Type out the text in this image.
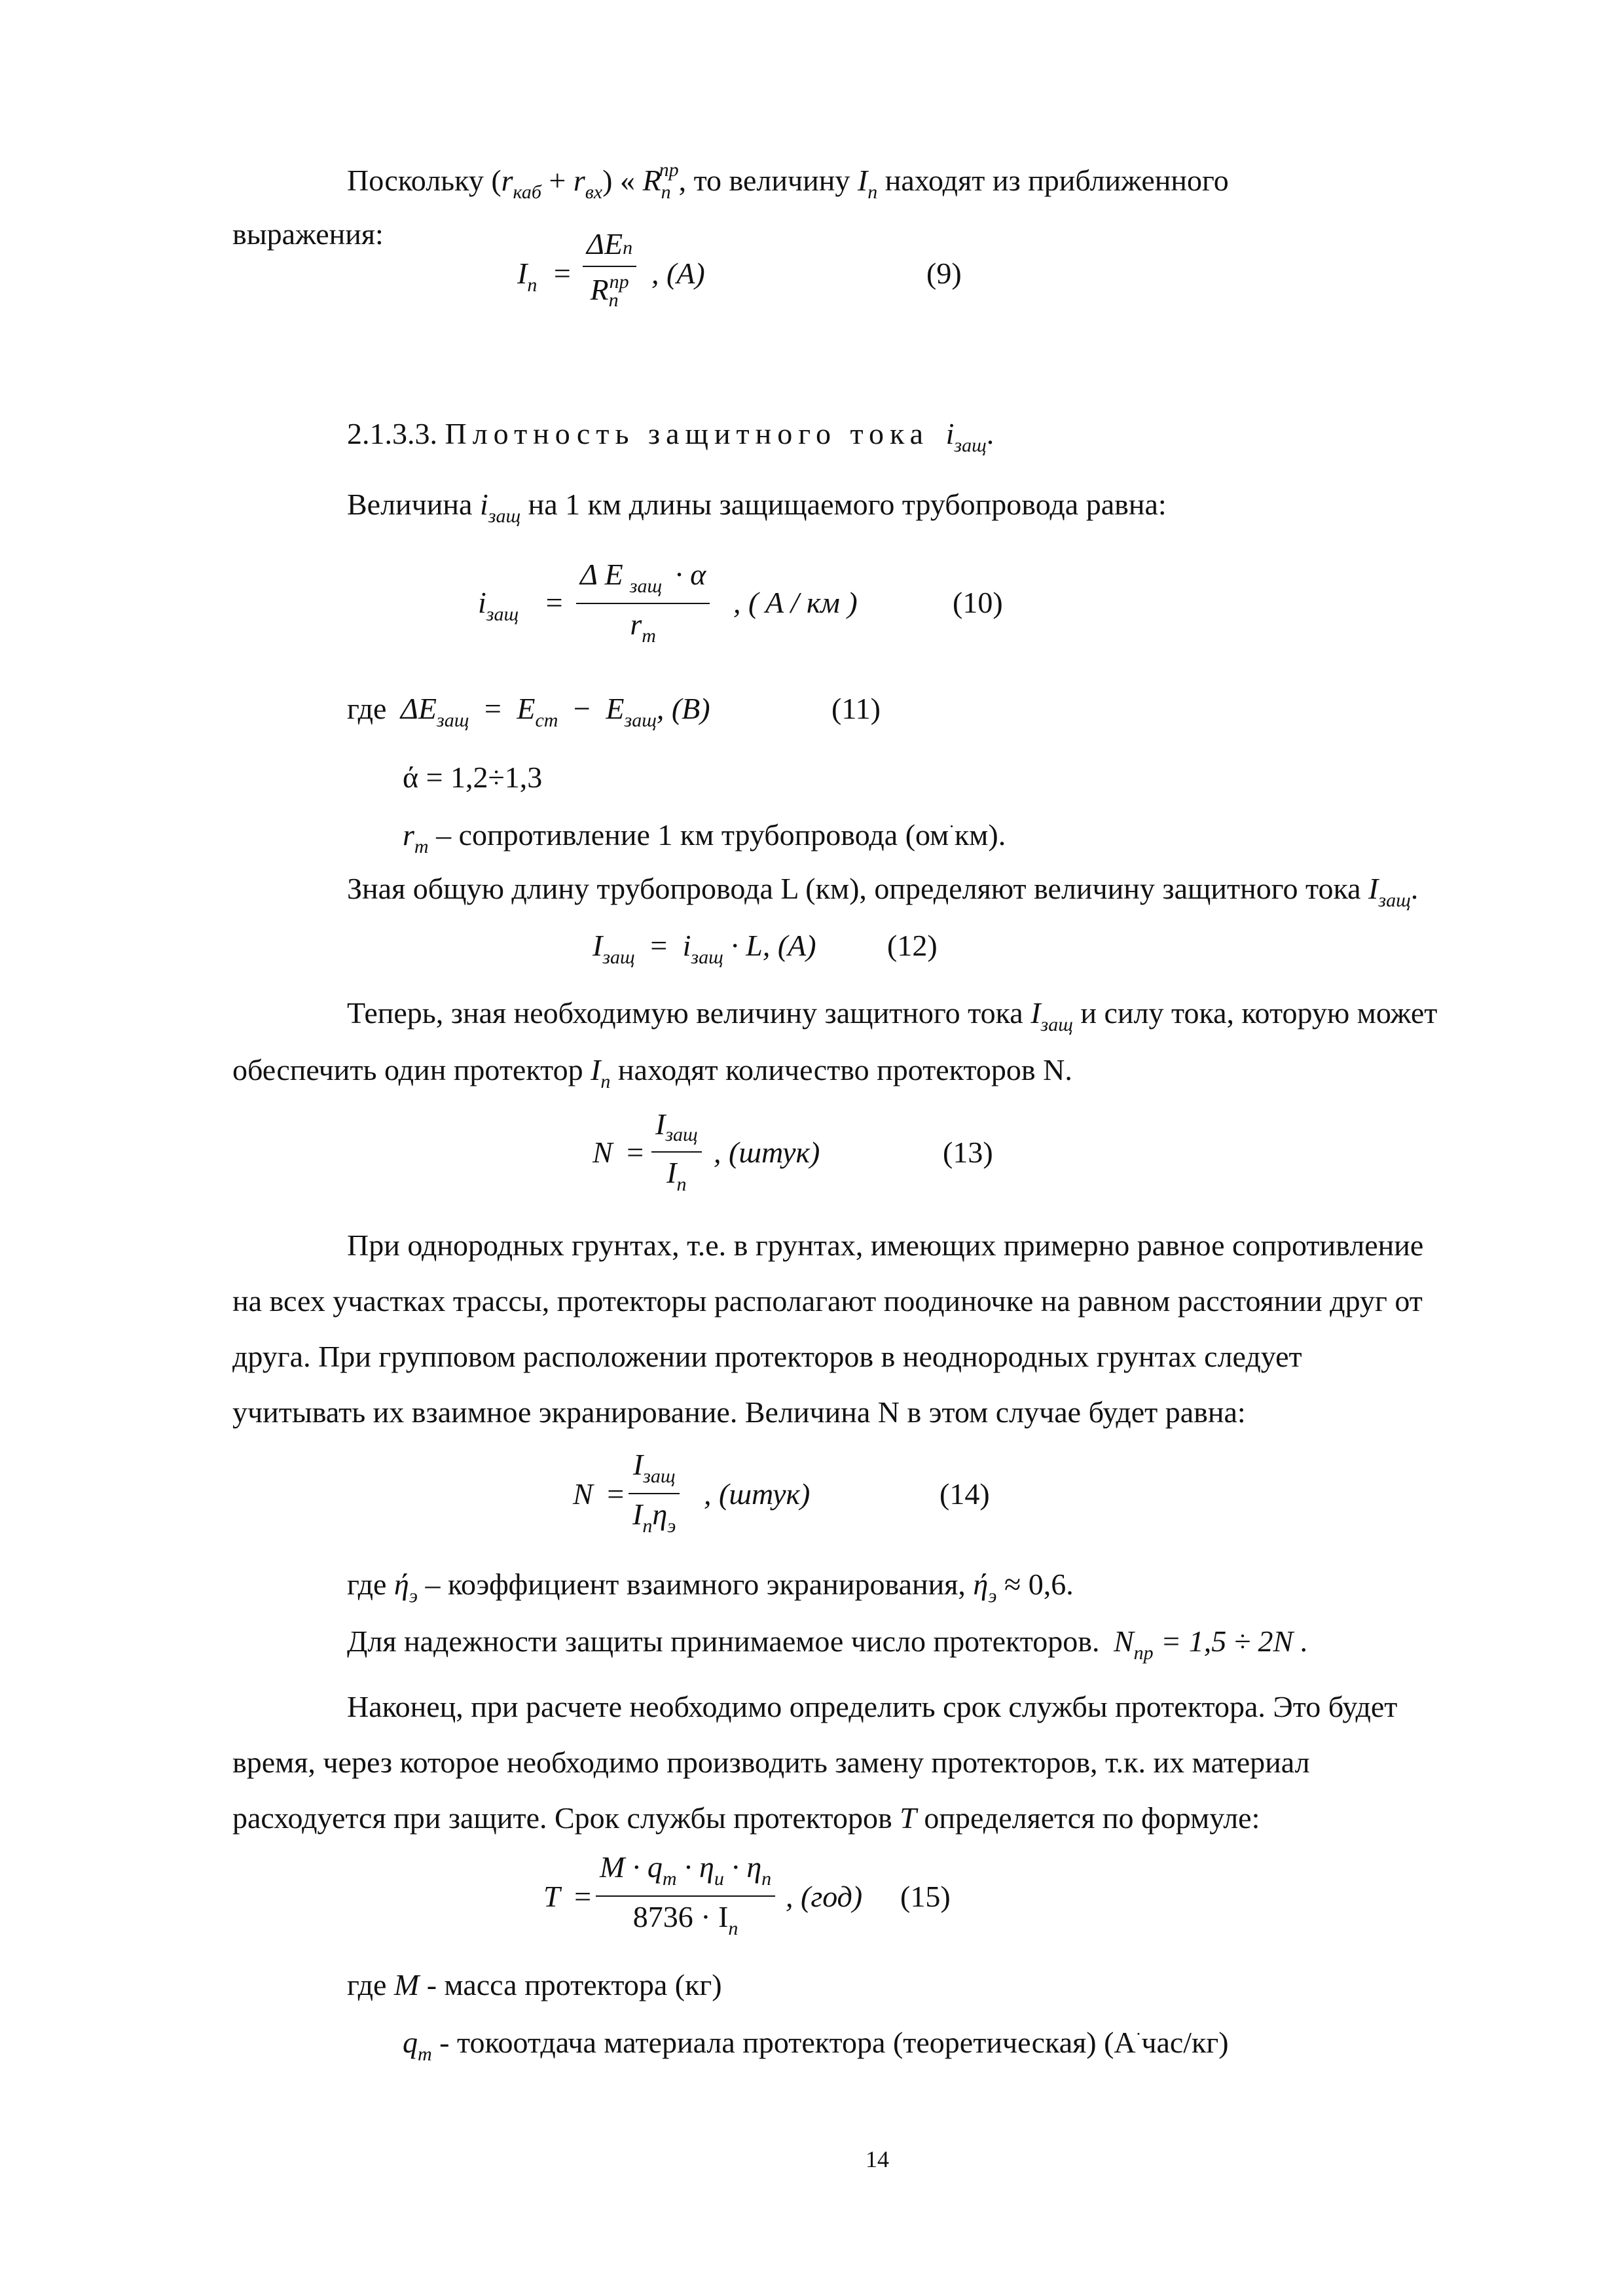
Поскольку $(r_{каб} + r_{вх})$ « $R_п^{пр}$, то величину $I_п$ находят из приближенного
выражения:
$I_п$ =
ΔEп
$R_п^{пр}$ , (A)	(9)
2.1.3.3. Плотность защитного тока $i_{защ}$.
Величина $i_{защ}$ на 1 км длины защищаемого трубопровода равна:
$i_{защ}$ =
Δ E $_{защ}$ · α
$r_т$
, ( A / км )	(10)
где $\Delta E_{защ} = E_{ст} - E_{защ}$, (B)	(11)
ά = 1,2÷1,3
$r_т$ – сопротивление 1 км трубопровода (ом·км).
Зная общую длину трубопровода L (км), определяют величину защитного тока $I_{защ}$.
$I_{защ} = i_{защ} \cdot L$, (A) (12)
Теперь, зная необходимую величину защитного тока $I_{защ}$ и силу тока, которую может
обеспечить один протектор $I_п$ находят количество протекторов N.
N =
$I_{защ}$
$I_п$
, (штук)	(13)
При однородных грунтах, т.е. в грунтах, имеющих примерно равное сопротивление
на всех участках трассы, протекторы располагают поодиночке на равном расстоянии друг от
друга. При групповом расположении протекторов в неоднородных грунтах следует
учитывать их взаимное экранирование. Величина N в этом случае будет равна:
N =
$I_{защ}$
$I_п\eta_э$
, (штук)	(14)
где $ή_э$ – коэффициент взаимного экранирования, $ή_э \approx 0,6$.
Для надежности защиты принимаемое число протекторов. $N_{пр} = 1,5 \div 2N$ .
Наконец, при расчете необходимо определить срок службы протектора. Это будет
время, через которое необходимо производить замену протекторов, т.к. их материал
расходуется при защите. Срок службы протекторов T определяется по формуле:
T =
$M \cdot q_т \cdot \eta_и \cdot \eta_п$
$8736 \cdot I_п$
, (год) (15)
где M - масса протектора (кг)
$q_т$ - токоотдача материала протектора (теоретическая) (А·час/кг)
14
